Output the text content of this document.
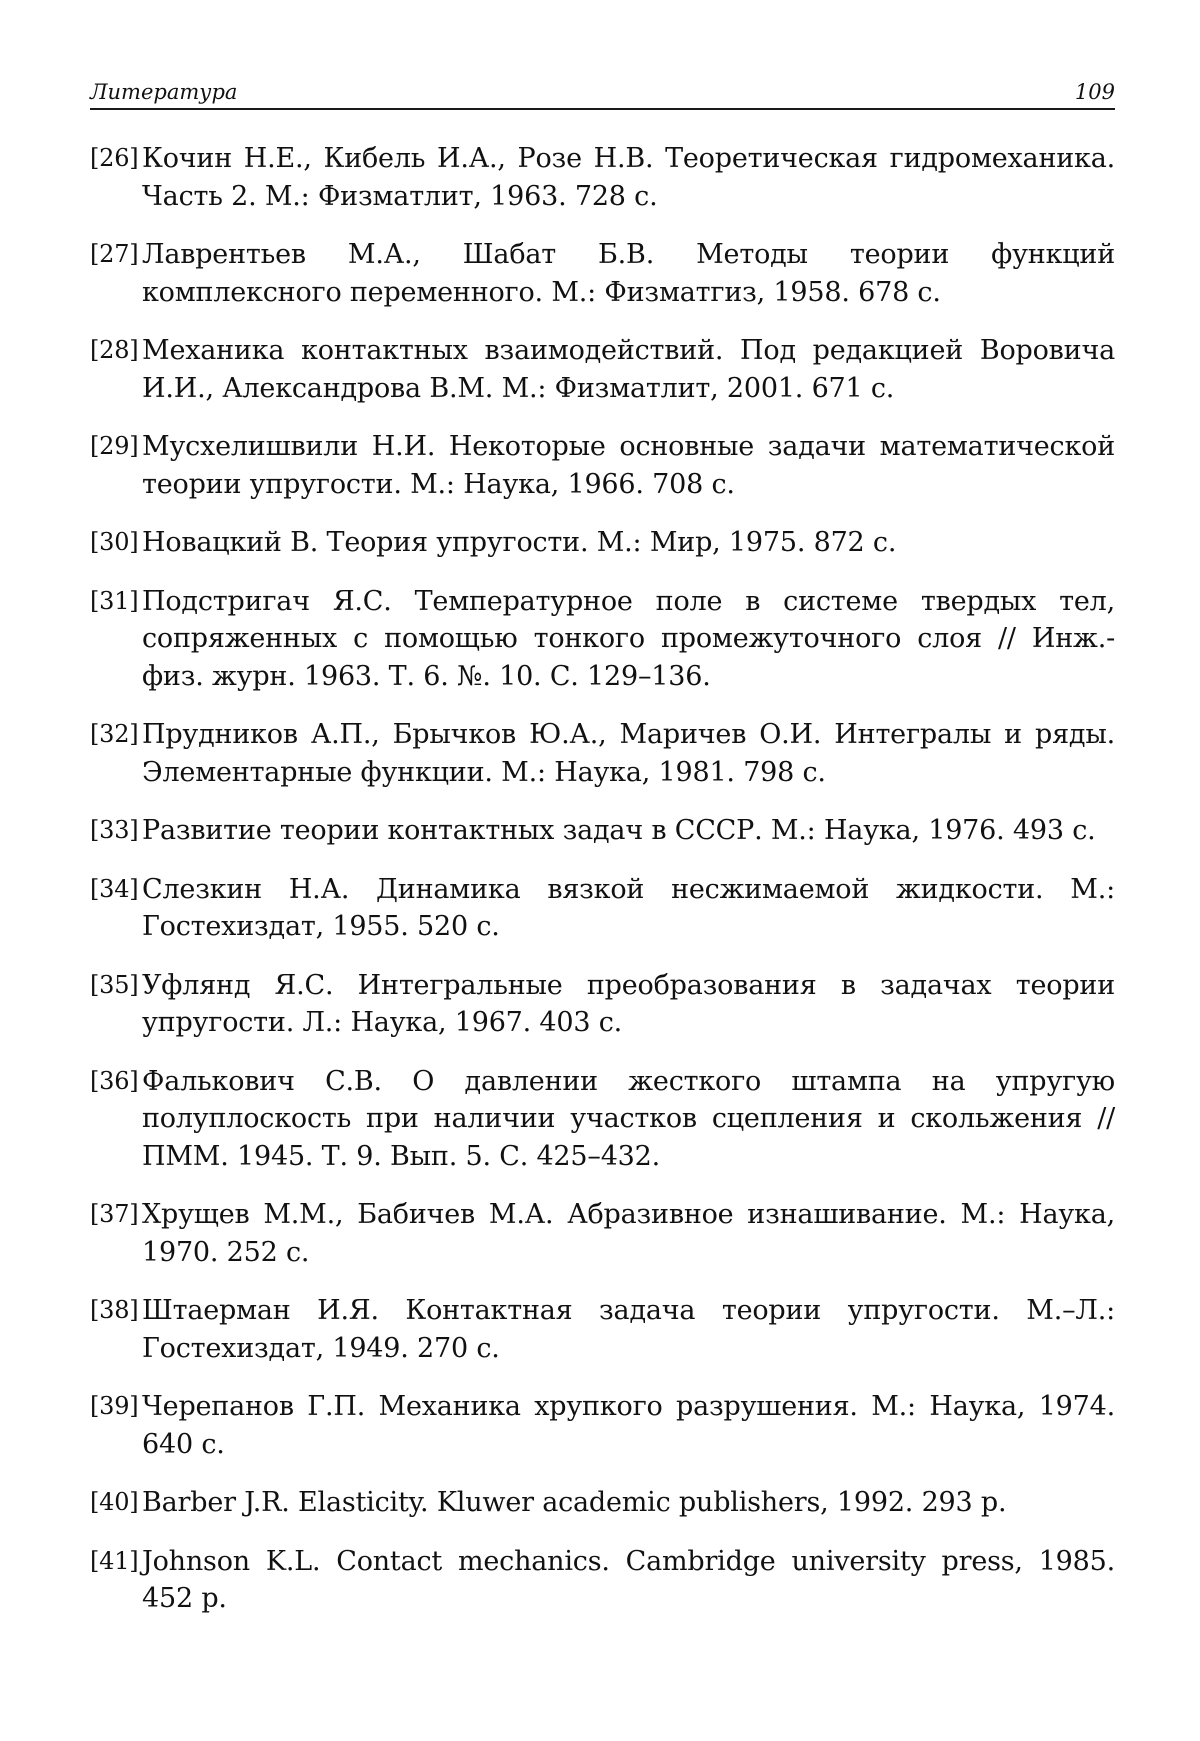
Литература	109
[26] Кочин Н.Е., Кибель И.А., Розе Н.В. Теоретическая гидромеханика. Часть 2. М.: Физматлит, 1963. 728 с.
[27] Лаврентьев М.А., Шабат Б.В. Методы теории функций комплексного переменного. М.: Физматгиз, 1958. 678 с.
[28] Механика контактных взаимодействий. Под редакцией Воровича И.И., Александрова В.М. М.: Физматлит, 2001. 671 с.
[29] Мусхелишвили Н.И. Некоторые основные задачи математической теории упругости. М.: Наука, 1966. 708 с.
[30] Новацкий В. Теория упругости. М.: Мир, 1975. 872 с.
[31] Подстригач Я.С. Температурное поле в системе твердых тел, сопряженных с помощью тонкого промежуточного слоя // Инж.-физ. журн. 1963. Т. 6. №. 10. С. 129–136.
[32] Прудников А.П., Брычков Ю.А., Маричев О.И. Интегралы и ряды. Элементарные функции. М.: Наука, 1981. 798 с.
[33] Развитие теории контактных задач в СССР. М.: Наука, 1976. 493 с.
[34] Слезкин Н.А. Динамика вязкой несжимаемой жидкости. М.: Гостехиздат, 1955. 520 с.
[35] Уфлянд Я.С. Интегральные преобразования в задачах теории упругости. Л.: Наука, 1967. 403 с.
[36] Фалькович С.В. О давлении жесткого штампа на упругую полуплоскость при наличии участков сцепления и скольжения // ПММ. 1945. Т. 9. Вып. 5. С. 425–432.
[37] Хрущев М.М., Бабичев М.А. Абразивное изнашивание. М.: Наука, 1970. 252 с.
[38] Штаерман И.Я. Контактная задача теории упругости. М.–Л.: Гостехиздат, 1949. 270 с.
[39] Черепанов Г.П. Механика хрупкого разрушения. М.: Наука, 1974. 640 с.
[40] Barber J.R. Elasticity. Kluwer academic publishers, 1992. 293 p.
[41] Johnson K.L. Contact mechanics. Cambridge university press, 1985. 452 p.
